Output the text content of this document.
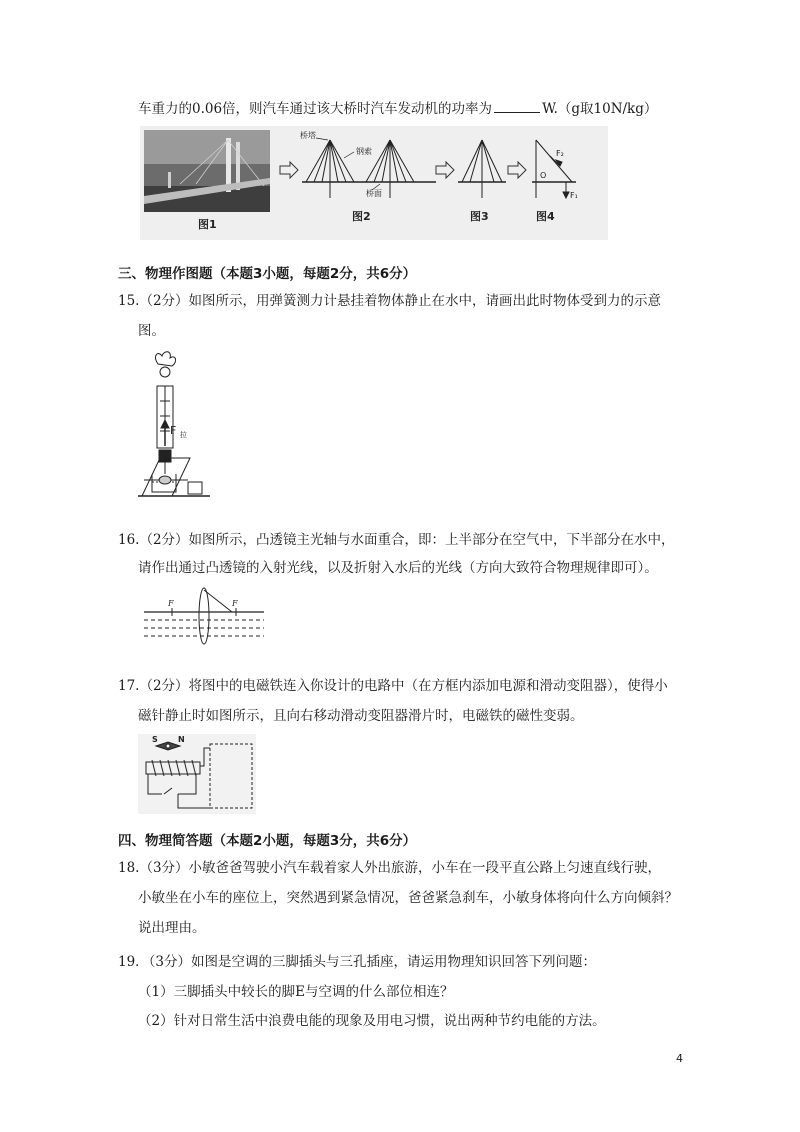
车重力的0.06倍，则汽车通过该大桥时汽车发动机的功率为	W.（g取10N/kg）
图1
桥塔
钢索
桥面
图2	图3
O
F₂
F₁
图4
三、物理作图题（本题3小题，每题2分，共6分）
15.（2分）如图所示，用弹簧测力计悬挂着物体静止在水中，请画出此时物体受到力的示意
图。
F 拉
16.（2分）如图所示，凸透镜主光轴与水面重合，即：上半部分在空气中，下半部分在水中，
请作出通过凸透镜的入射光线，以及折射入水后的光线（方向大致符合物理规律即可）。
F	F
17.（2分）将图中的电磁铁连入你设计的电路中（在方框内添加电源和滑动变阻器），使得小
磁针静止时如图所示，且向右移动滑动变阻器滑片时，电磁铁的磁性变弱。
S	N
四、物理简答题（本题2小题，每题3分，共6分）
18.（3分）小敏爸爸驾驶小汽车载着家人外出旅游，小车在一段平直公路上匀速直线行驶，
小敏坐在小车的座位上，突然遇到紧急情况，爸爸紧急刹车，小敏身体将向什么方向倾斜？
说出理由。
19．（3分）如图是空调的三脚插头与三孔插座，请运用物理知识回答下列问题：
（1）三脚插头中较长的脚E与空调的什么部位相连？
（2）针对日常生活中浪费电能的现象及用电习惯，说出两种节约电能的方法。
4
